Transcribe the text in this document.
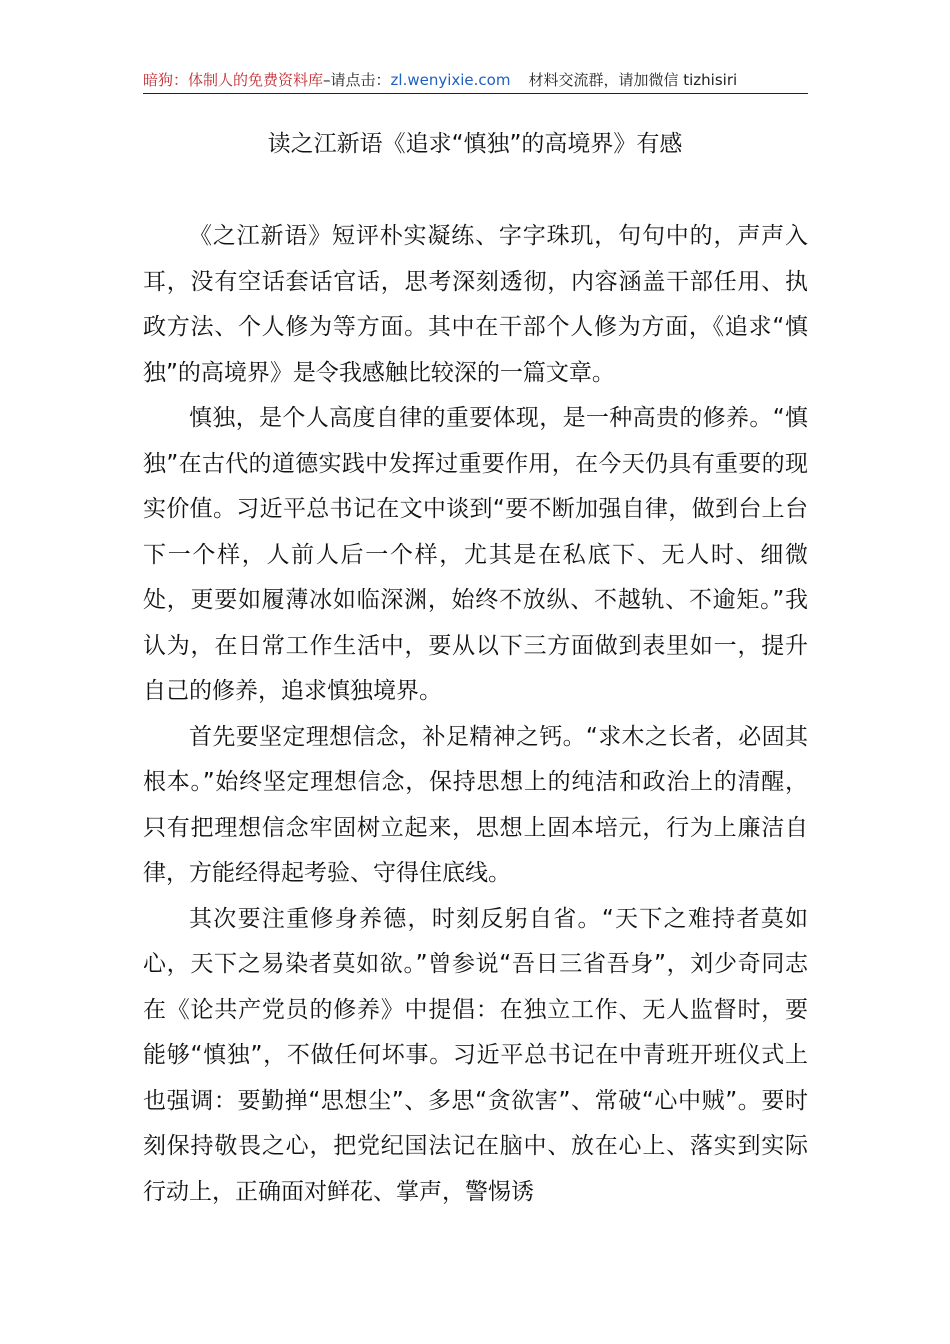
暗狗：体制人的免费资料库–请点击：zl.wenyixie.com 材料交流群，请加微信 tizhisiri
读之江新语《追求“慎独”的高境界》有感

《之江新语》短评朴实凝练、字字珠玑，句句中的，声声入耳，没有空话套话官话，思考深刻透彻，内容涵盖干部任用、执政方法、个人修为等方面。其中在干部个人修为方面，《追求“慎独”的高境界》是令我感触比较深的一篇文章。

慎独，是个人高度自律的重要体现，是一种高贵的修养。“慎独”在古代的道德实践中发挥过重要作用，在今天仍具有重要的现实价值。习近平总书记在文中谈到“要不断加强自律，做到台上台下一个样，人前人后一个样，尤其是在私底下、无人时、细微处，更要如履薄冰如临深渊，始终不放纵、不越轨、不逾矩。”我认为，在日常工作生活中，要从以下三方面做到表里如一，提升自己的修养，追求慎独境界。

首先要坚定理想信念，补足精神之钙。“求木之长者，必固其根本。”始终坚定理想信念，保持思想上的纯洁和政治上的清醒，只有把理想信念牢固树立起来，思想上固本培元，行为上廉洁自律，方能经得起考验、守得住底线。

其次要注重修身养德，时刻反躬自省。“天下之难持者莫如心，天下之易染者莫如欲。”曾参说“吾日三省吾身”，刘少奇同志在《论共产党员的修养》中提倡：在独立工作、无人监督时，要能够“慎独”，不做任何坏事。习近平总书记在中青班开班仪式上也强调：要勤掸“思想尘”、多思“贪欲害”、常破“心中贼”。要时刻保持敬畏之心，把党纪国法记在脑中、放在心上、落实到实际行动上，正确面对鲜花、掌声，警惕诱
